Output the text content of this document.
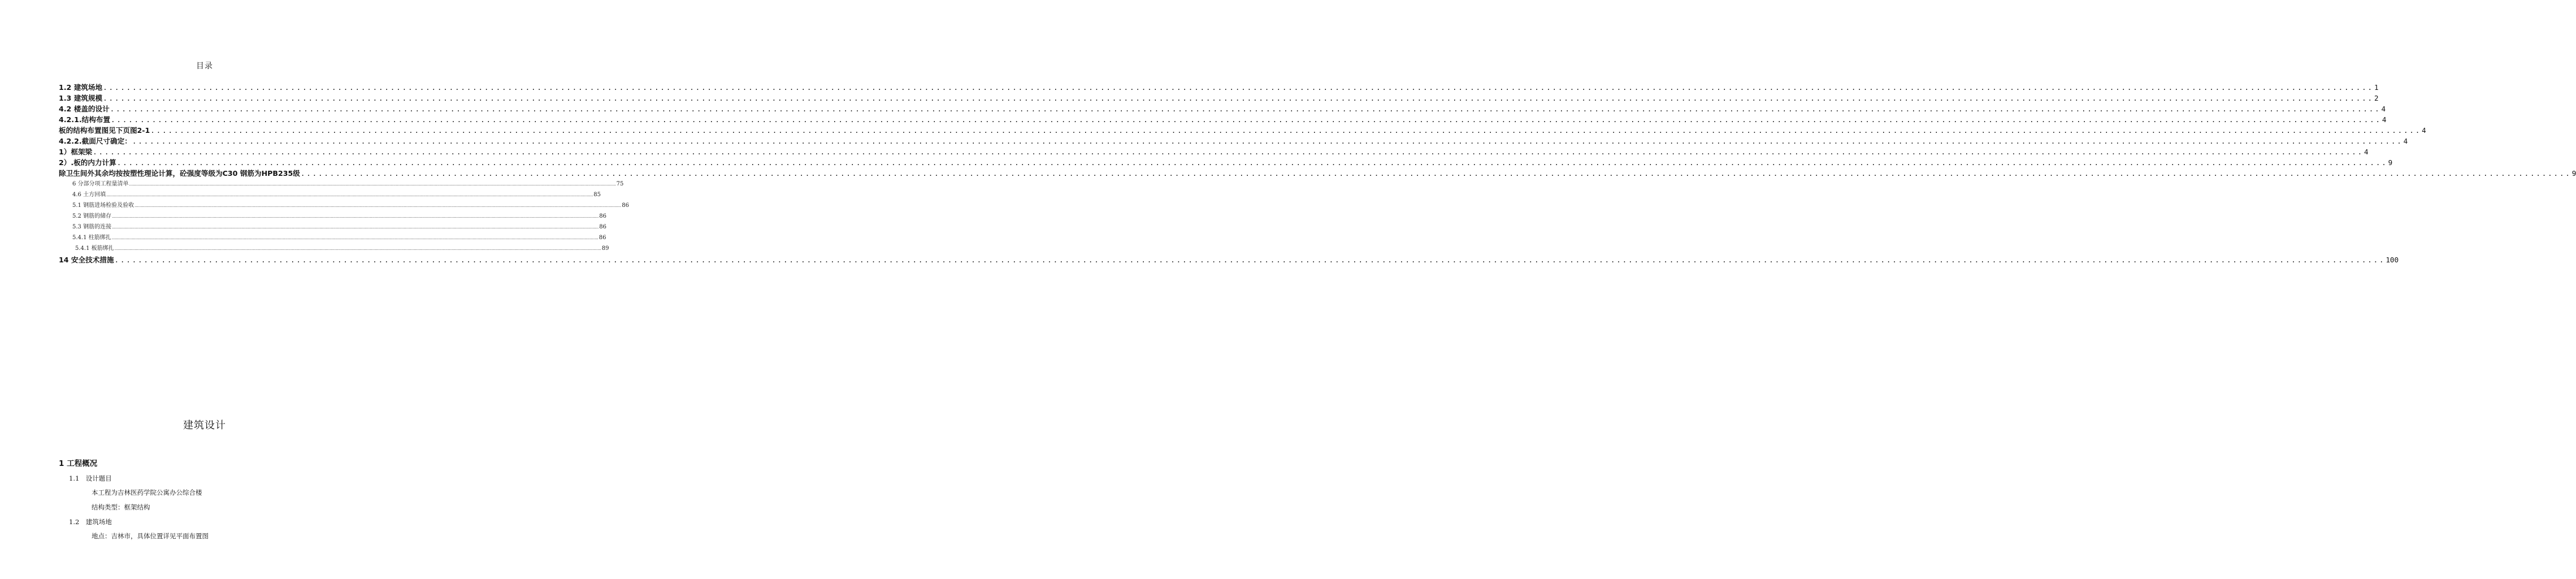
目录
1.2 建筑场地 ................................................................................................................................................................................................................................................................................................................................................................................................... 1
1.3 建筑规模 ................................................................................................................................................................................................................................................................................................................................................................................................... 2
4.2 楼盖的设计 ................................................................................................................................................................................................................................................................................................................................................................................................... 4
4.2.1.结构布置 ................................................................................................................................................................................................................................................................................................................................................................................................... 4
板的结构布置图见下页图2-1 ................................................................................................................................................................................................................................................................................................................................................................................................... 4
4.2.2.截面尺寸确定： ................................................................................................................................................................................................................................................................................................................................................................................................... 4
1）框架梁 ................................................................................................................................................................................................................................................................................................................................................................................................... 4
2）.板的内力计算 ................................................................................................................................................................................................................................................................................................................................................................................................... 9
除卫生间外其余均按按塑性理论计算，砼强度等级为C30 钢筋为HPB235级 ................................................................................................................................................................................................................................................................................................................................................................................................... 9
6 分部分项工程量清单 ................................................................................................................................................................................................................................................................................................................................................................................................... 75
4.6 土方回填 ................................................................................................................................................................................................................................................................................................................................................................................................... 85
5.1 钢筋进场检验及验收 ................................................................................................................................................................................................................................................................................................................................................................................................... 86
5.2 钢筋的储存 ................................................................................................................................................................................................................................................................................................................................................................................................... 86
5.3 钢筋的连接 ................................................................................................................................................................................................................................................................................................................................................................................................... 86
5.4.1 柱筋绑扎 ................................................................................................................................................................................................................................................................................................................................................................................................... 86
5.4.1 板筋绑扎 ................................................................................................................................................................................................................................................................................................................................................................................................... 89
14 安全技术措施 ................................................................................................................................................................................................................................................................................................................................................................................................... 100
建筑设计
1 工程概况
1.1　设计题目
本工程为吉林医药学院公寓办公综合楼
结构类型：框架结构
1.2　建筑场地
地点：吉林市，具体位置详见平面布置图
